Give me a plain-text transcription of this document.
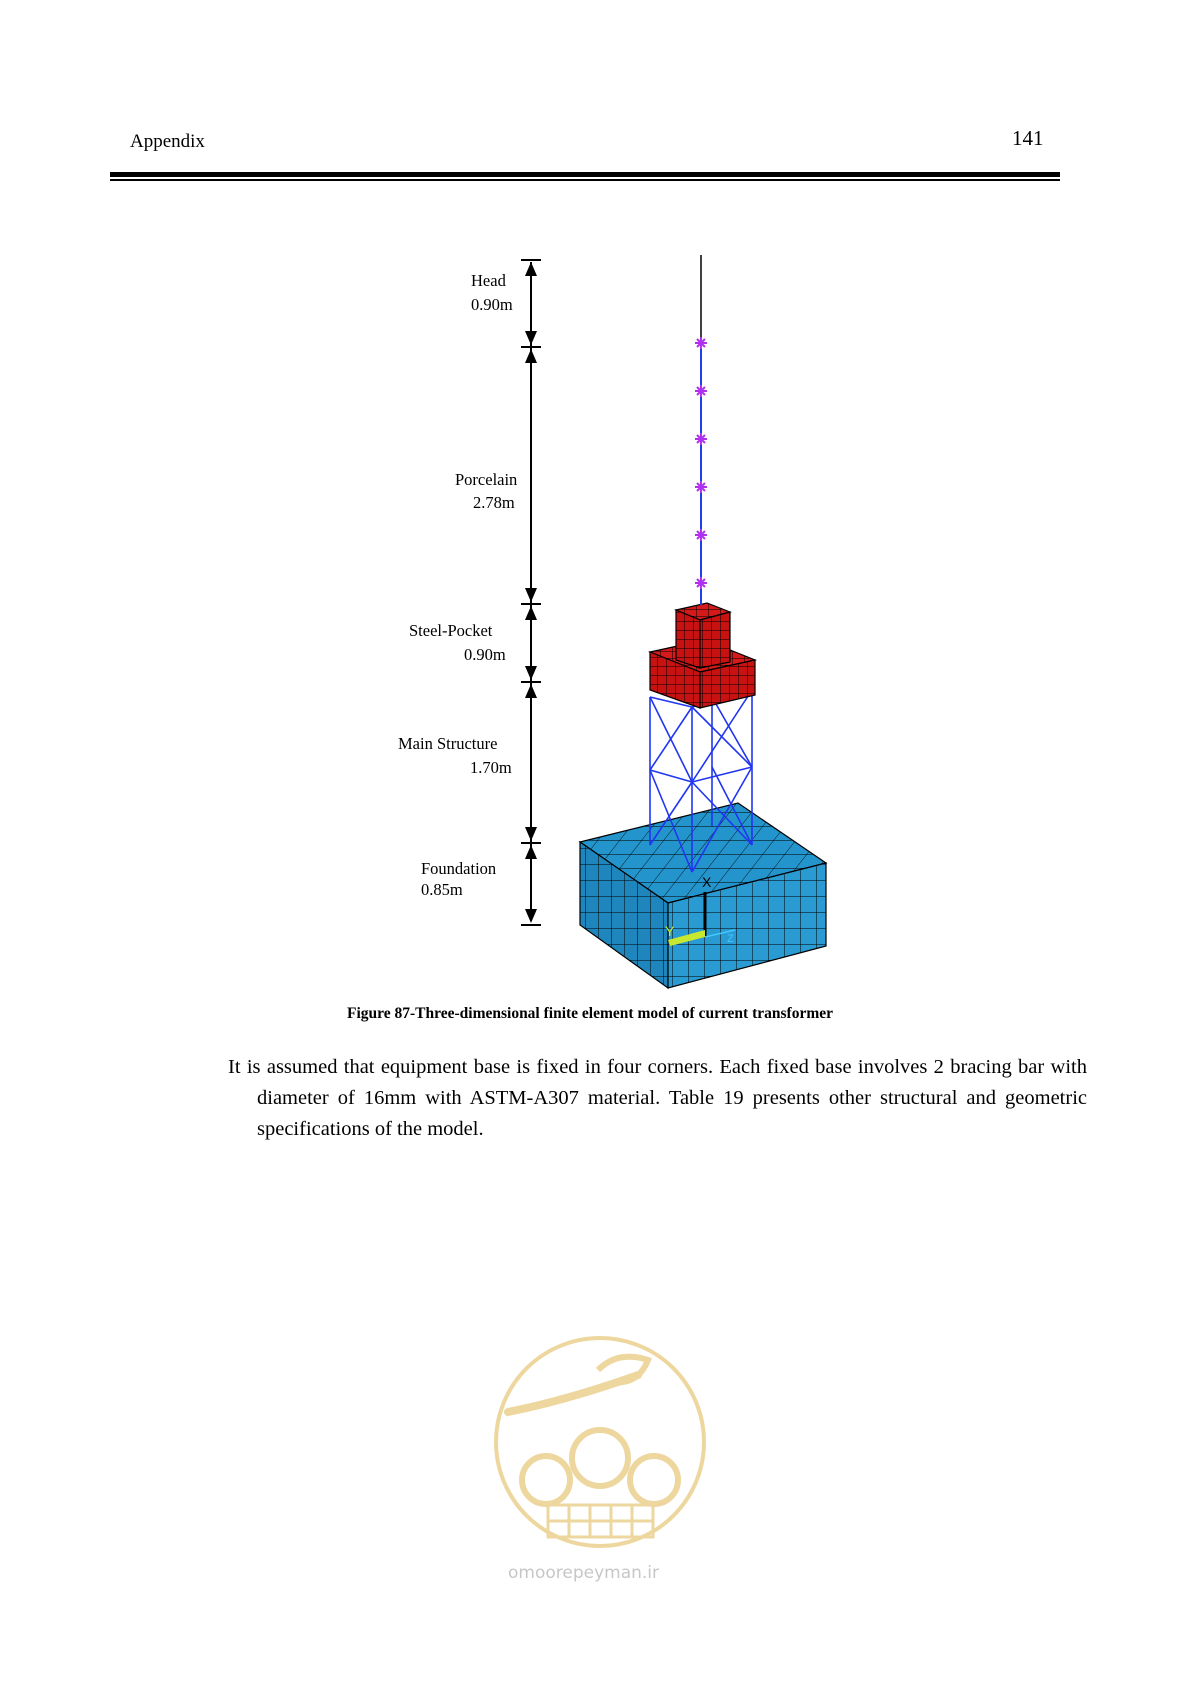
Appendix	141
Head
0.90m
Porcelain
2.78m
Steel-Pocket
0.90m
Main Structure
1.70m
Foundation
0.85m	X
Y	Z
Figure 87-Three-dimensional finite element model of current transformer
It is assumed that equipment base is fixed in four corners. Each fixed base involves 2 bracing bar with diameter of 16mm with ASTM-A307 material. Table 19 presents other structural and geometric specifications of the model.
omoorepeyman.ir
